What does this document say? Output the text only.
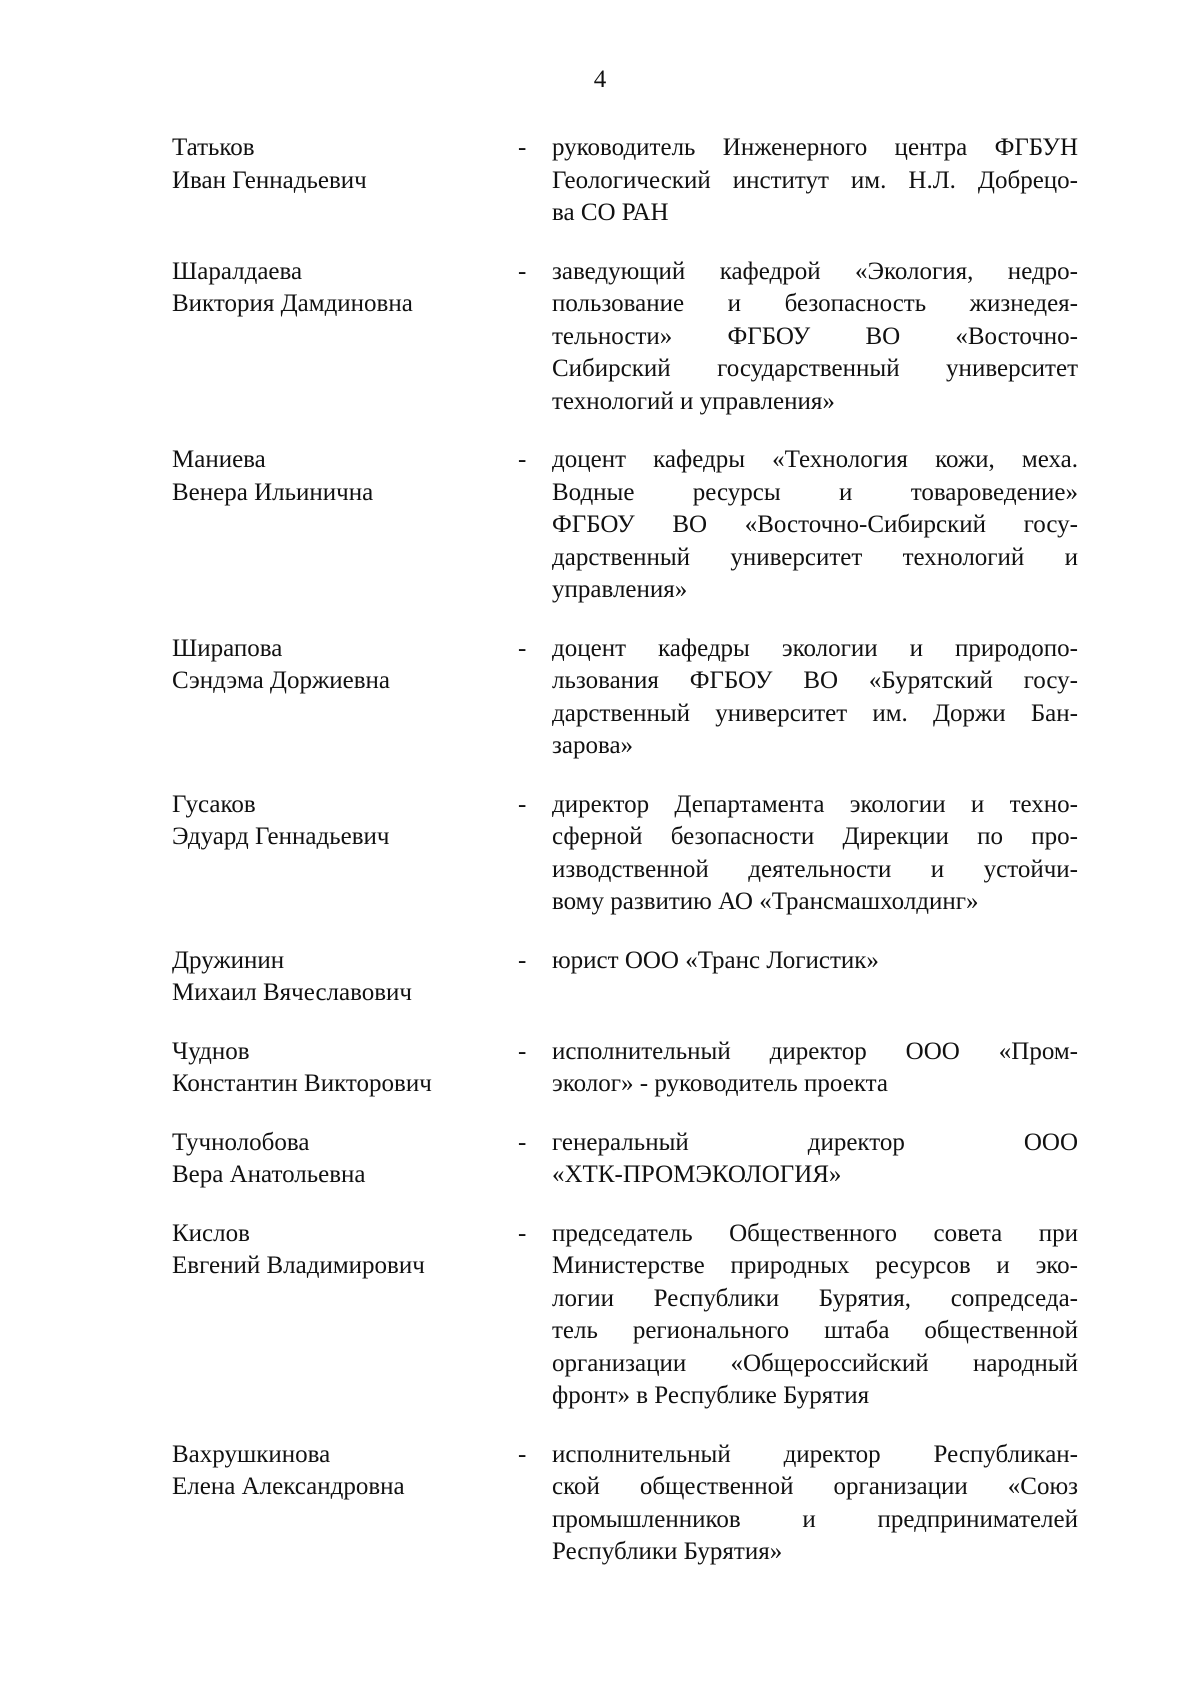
4
Татьков
Иван Геннадьевич
-	руководитель Инженерного центра ФГБУН
Геологический институт им. Н.Л. Добрецо-
ва СО РАН
Шаралдаева
Виктория Дамдиновна
-	заведующий кафедрой «Экология, недро-
пользование и безопасность жизнедея-
тельности» ФГБОУ ВО «Восточно-
Сибирский государственный университет
технологий и управления»
Маниева
Венера Ильинична
-	доцент кафедры «Технология кожи, меха.
Водные ресурсы и товароведение»
ФГБОУ ВО «Восточно-Сибирский госу-
дарственный университет технологий и
управления»
Ширапова
Сэндэма Доржиевна
-	доцент кафедры экологии и природопо-
льзования ФГБОУ ВО «Бурятский госу-
дарственный университет им. Доржи Бан-
зарова»
Гусаков
Эдуард Геннадьевич
-	директор Департамента экологии и техно-
сферной безопасности Дирекции по про-
изводственной деятельности и устойчи-
вому развитию АО «Трансмашхолдинг»
Дружинин
Михаил Вячеславович
-	юрист ООО «Транс Логистик»
Чуднов
Константин Викторович
-	исполнительный директор ООО «Пром-
эколог» - руководитель проекта
Тучнолобова
Вера Анатольевна
-	генеральный директор ООО
«ХТК-ПРОМЭКОЛОГИЯ»
Кислов
Евгений Владимирович
-	председатель Общественного совета при
Министерстве природных ресурсов и эко-
логии Республики Бурятия, сопредседа-
тель регионального штаба общественной
организации «Общероссийский народный
фронт» в Республике Бурятия
Вахрушкинова
Елена Александровна
-	исполнительный директор Республикан-
ской общественной организации «Союз
промышленников и предпринимателей
Республики Бурятия»
